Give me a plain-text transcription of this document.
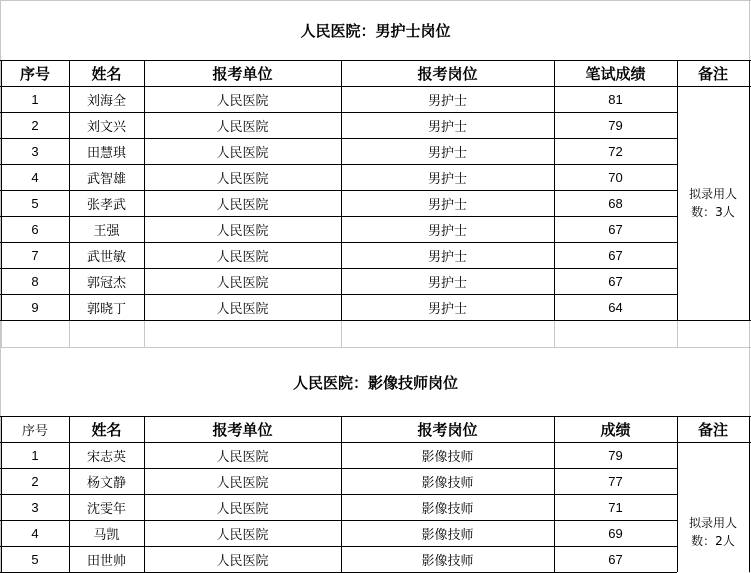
人民医院：男护士岗位
序号	姓名	报考单位	报考岗位	笔试成绩	备注
1	刘海全	人民医院	男护士	81
2	刘文兴	人民医院	男护士	79
3	田慧琪	人民医院	男护士	72
4	武智雄	人民医院	男护士	70
5	张孝武	人民医院	男护士	68
6	王强	人民医院	男护士	67
7	武世敏	人民医院	男护士	67
8	郭冠杰	人民医院	男护士	67
9	郭晓丁	人民医院	男护士	64
拟录用人数：3人
人民医院：影像技师岗位
序号	姓名	报考单位	报考岗位	成绩	备注
1	宋志英	人民医院	影像技师	79
2	杨文静	人民医院	影像技师	77
3	沈雯年	人民医院	影像技师	71
4	马凯	人民医院	影像技师	69
5	田世帅	人民医院	影像技师	67
拟录用人数：2人
